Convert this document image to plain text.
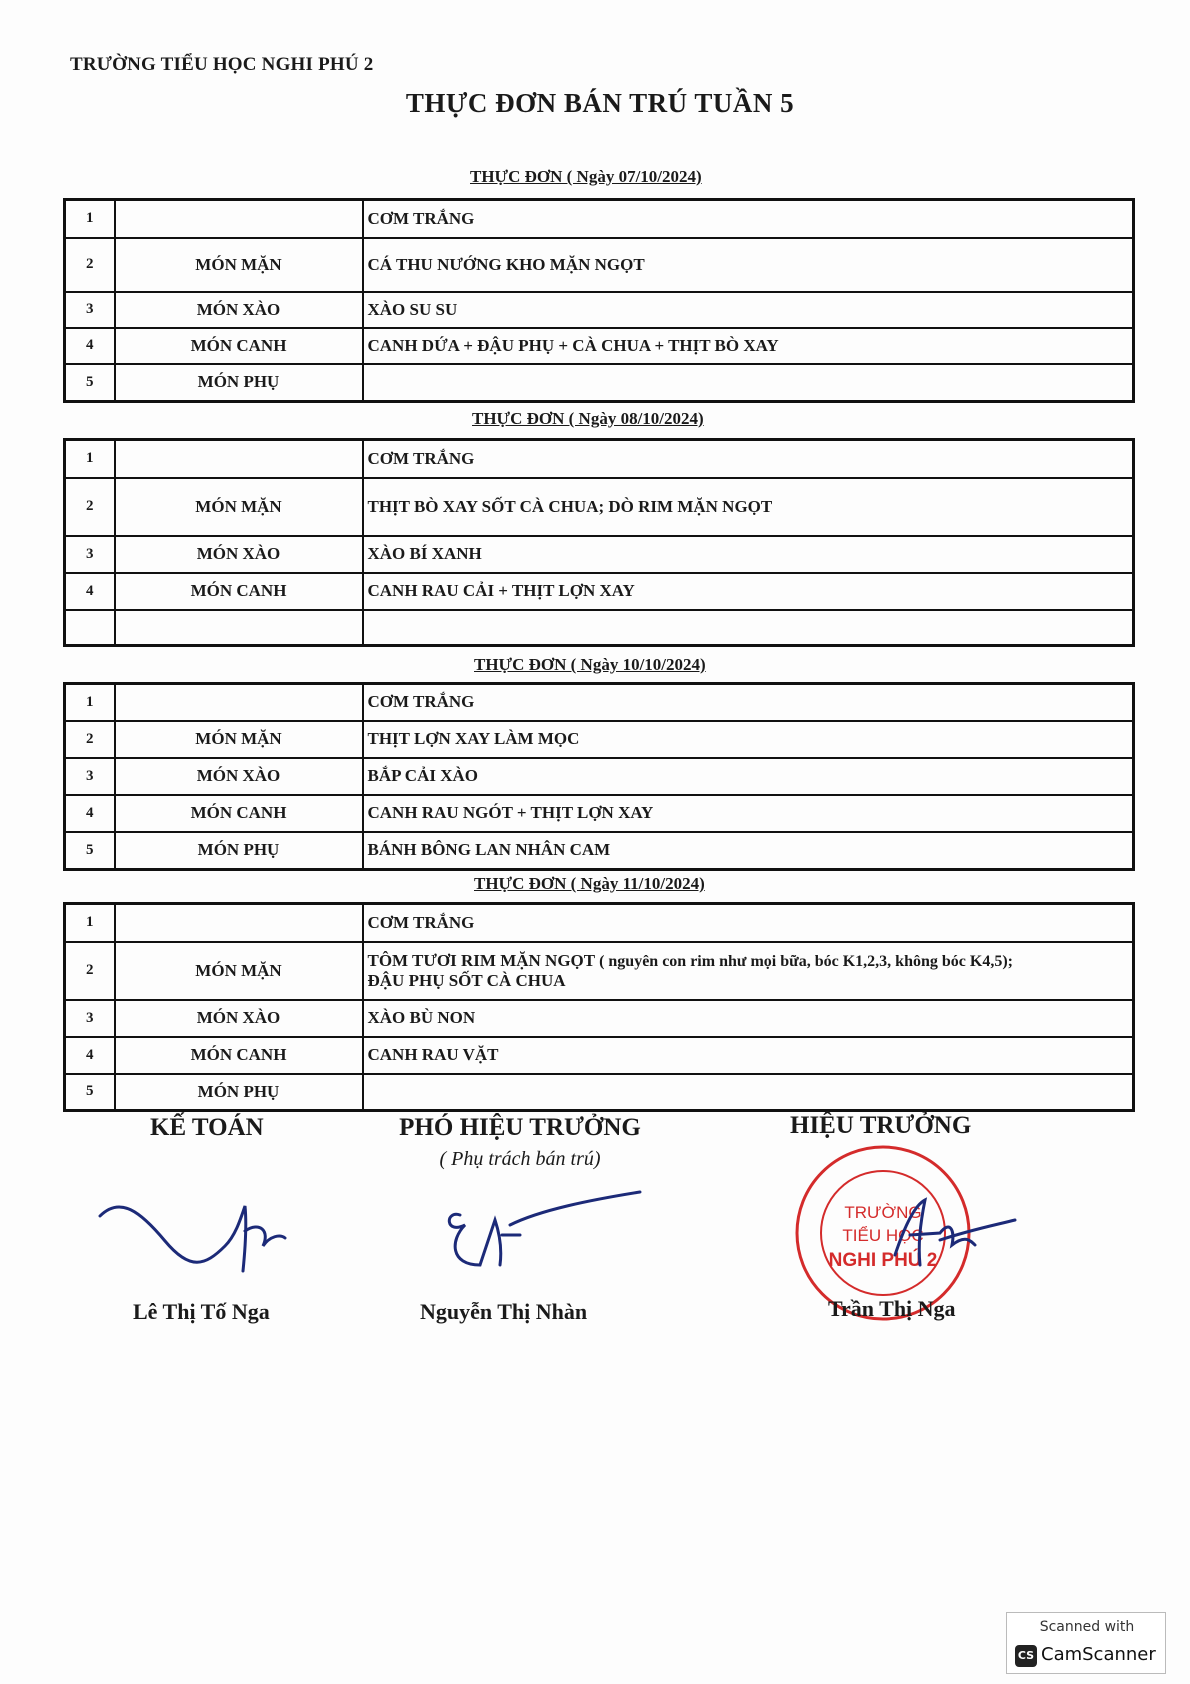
TRƯỜNG TIỂU HỌC NGHI PHÚ 2
THỰC ĐƠN BÁN TRÚ TUẦN 5
THỰC ĐƠN ( Ngày 07/10/2024)
1		CƠM TRẮNG
2	MÓN MẶN	CÁ THU NƯỚNG KHO MẶN NGỌT
3	MÓN XÀO	XÀO SU SU
4	MÓN CANH	CANH DỨA + ĐẬU PHỤ + CÀ CHUA + THỊT BÒ XAY
5	MÓN PHỤ	
THỰC ĐƠN ( Ngày 08/10/2024)
1		CƠM TRẮNG
2	MÓN MẶN	THỊT BÒ XAY SỐT CÀ CHUA; DÒ RIM MẶN NGỌT
3	MÓN XÀO	XÀO BÍ XANH
4	MÓN CANH	CANH RAU CẢI + THỊT LỢN XAY

THỰC ĐƠN ( Ngày 10/10/2024)
1		CƠM TRẮNG
2	MÓN MẶN	THỊT LỢN XAY LÀM MỌC
3	MÓN XÀO	BẮP CẢI XÀO
4	MÓN CANH	CANH RAU NGÓT + THỊT LỢN XAY
5	MÓN PHỤ	BÁNH BÔNG LAN NHÂN CAM
THỰC ĐƠN ( Ngày 11/10/2024)
1		CƠM TRẮNG
2	MÓN MẶN	TÔM TƯƠI RIM MẶN NGỌT ( nguyên con rim như mọi bữa, bóc K1,2,3, không bóc K4,5);
ĐẬU PHỤ SỐT CÀ CHUA

3	MÓN XÀO	XÀO BÙ NON
4	MÓN CANH	CANH RAU VẶT
5	MÓN PHỤ	
KẾ TOÁN
Lê Thị Tố Nga
PHÓ HIỆU TRƯỞNG
( Phụ trách bán trú)
Nguyễn Thị Nhàn
HIỆU TRƯỞNG
TRƯỜNG
TIỂU HỌC
NGHI PHÚ 2
Trần Thị Nga
Scanned with
CS CamScanner
